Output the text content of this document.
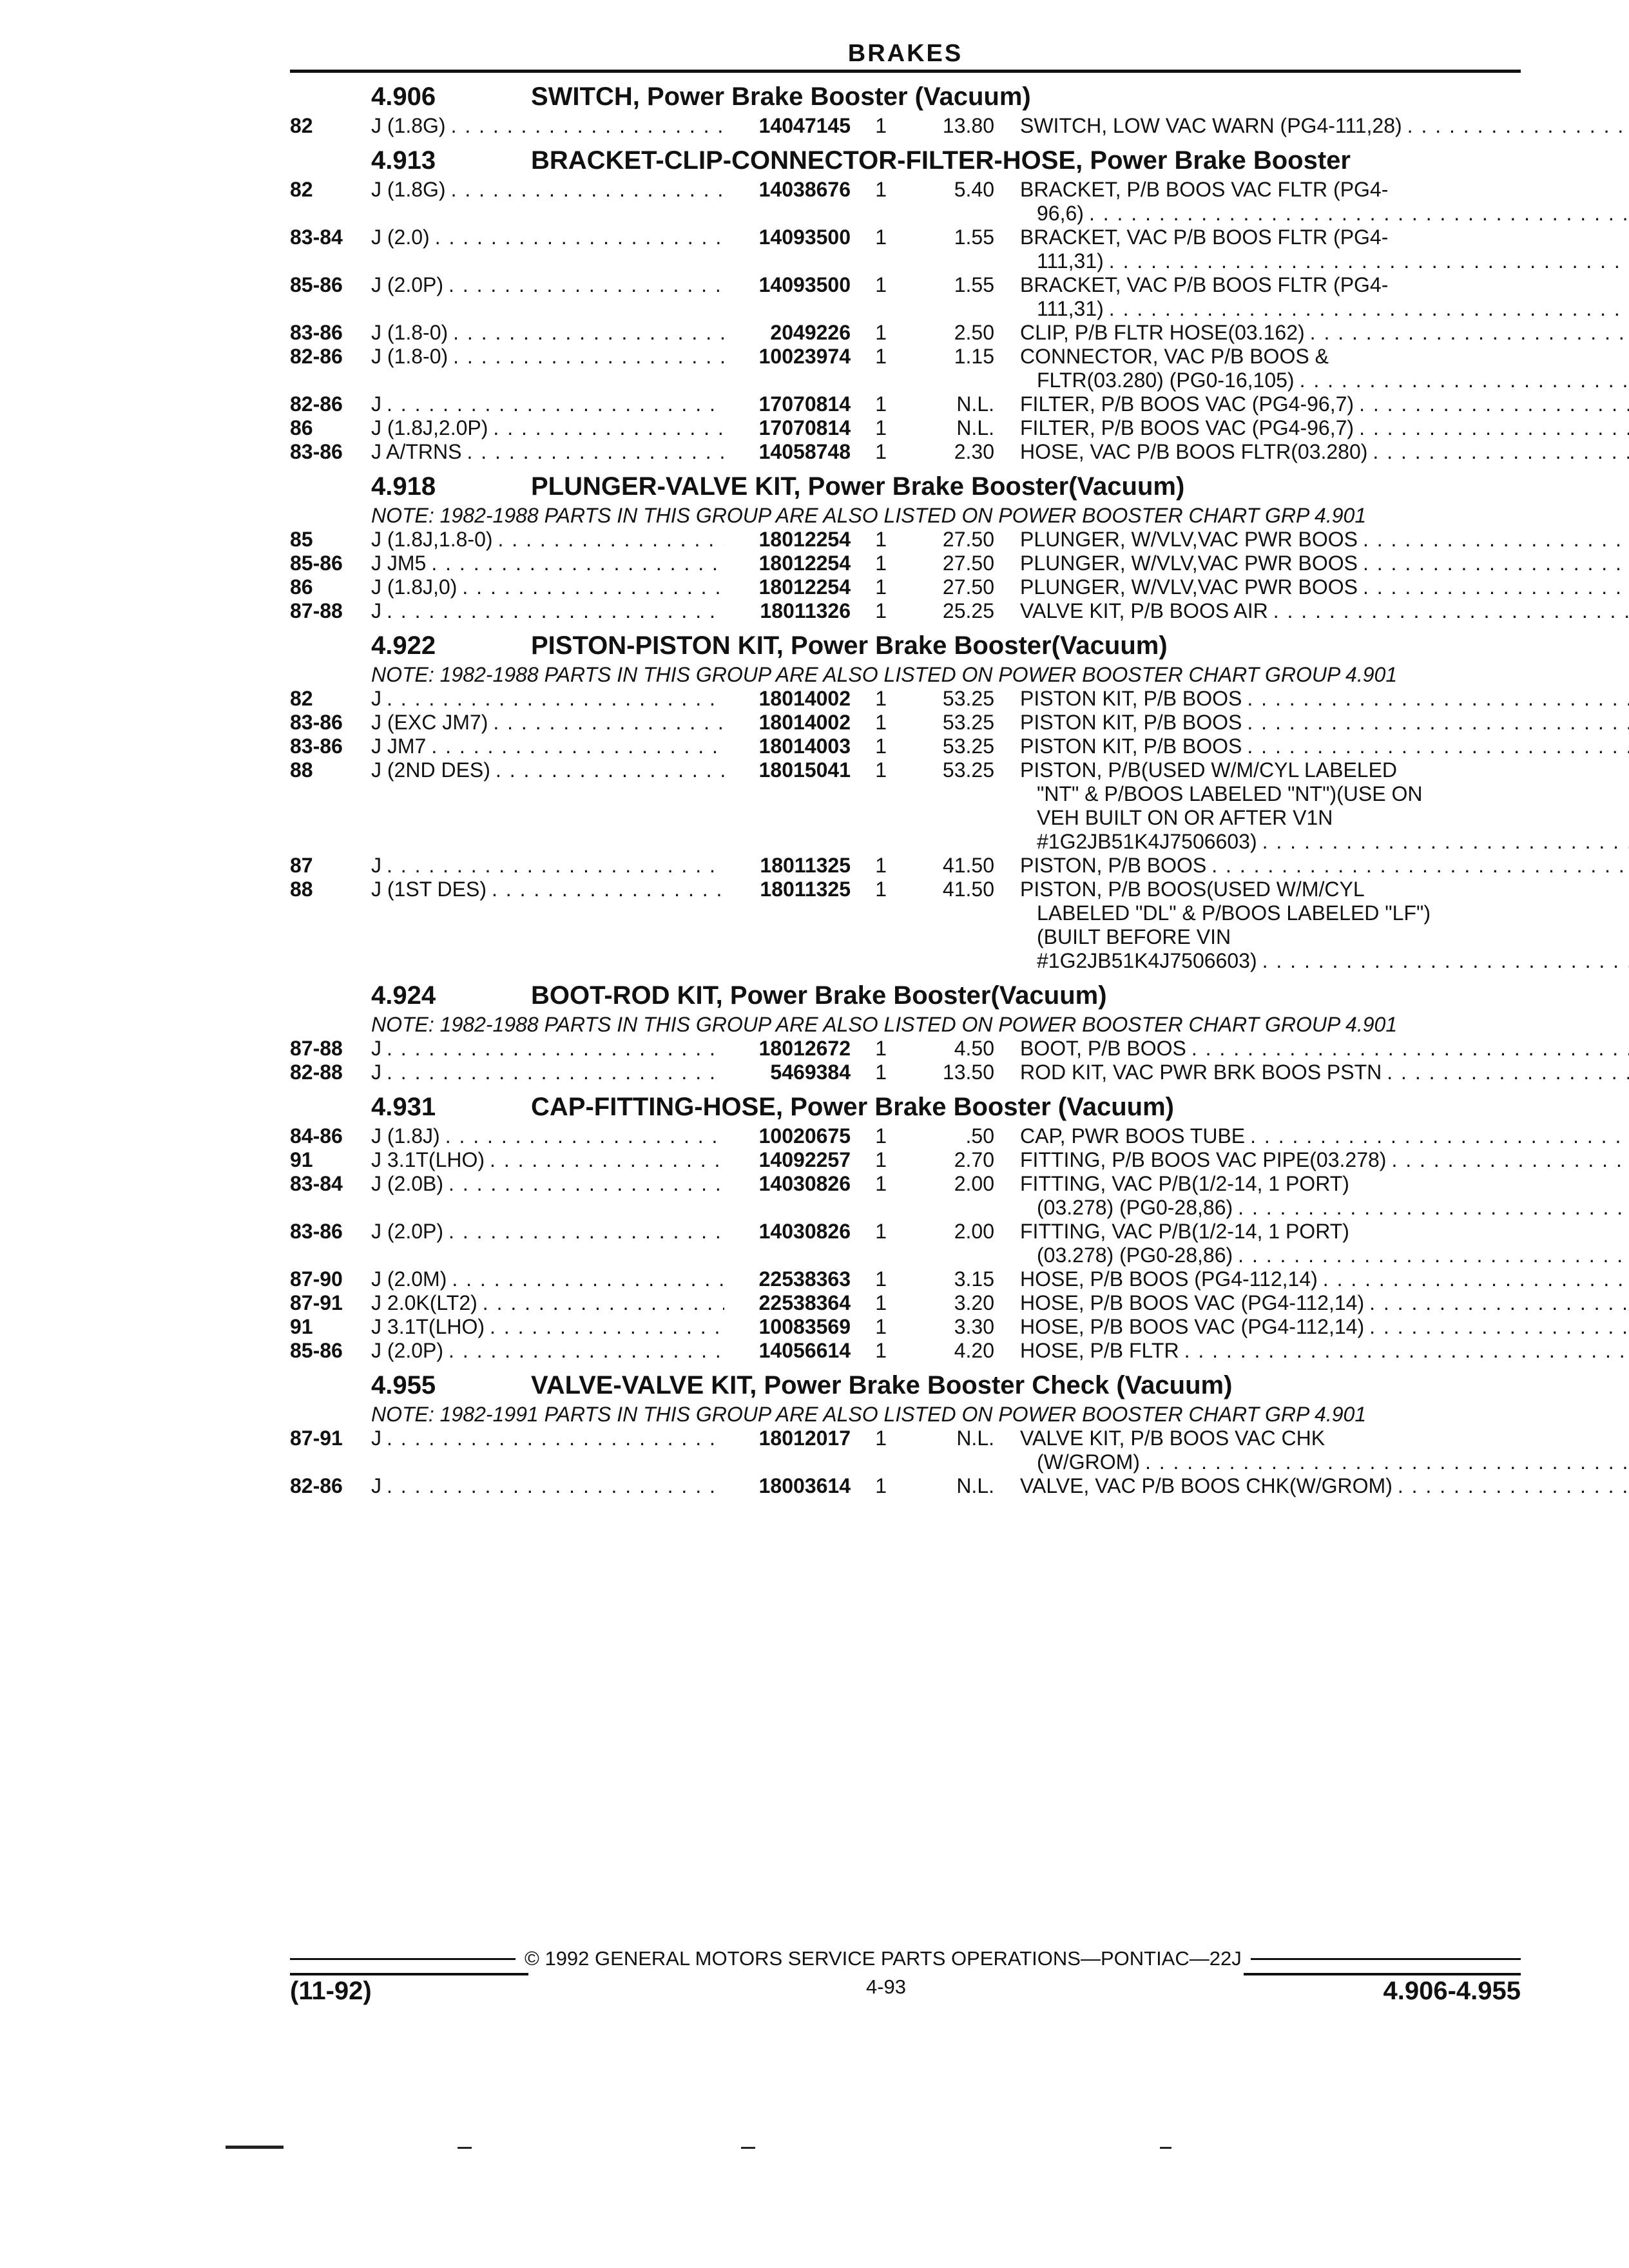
BRAKES
4.906	SWITCH, Power Brake Booster (Vacuum)
82	J (1.8G) . . .	14047145	1	13.80 SWITCH, LOW VAC WARN (PG4-111,28)
. . .
4.913	BRACKET-CLIP-CONNECTOR-FILTER-HOSE, Power Brake Booster
82	J (1.8G) . . .	14038676	1	5.40 BRACKET, P/B BOOS VAC FLTR (PG4-
96,6)
. . .
83-84	J (2.0) . . .	14093500	1	1.55 BRACKET, VAC P/B BOOS FLTR (PG4-
111,31)
. . .
85-86	J (2.0P) . . .	14093500	1	1.55 BRACKET, VAC P/B BOOS FLTR (PG4-
111,31)
. . .
83-86	J (1.8-0) . . .	2049226	1	2.50 CLIP, P/B FLTR HOSE(03.162)
. . .
82-86	J (1.8-0) . . .	10023974	1	1.15 CONNECTOR, VAC P/B BOOS &
FLTR(03.280) (PG0-16,105)
. . .
82-86	J . . .	17070814	1	N.L. FILTER, P/B BOOS VAC (PG4-96,7)
. . .
86	J (1.8J,2.0P) . . .	17070814	1	N.L. FILTER, P/B BOOS VAC (PG4-96,7)
. . .
83-86	J A/TRNS . . .	14058748	1	2.30 HOSE, VAC P/B BOOS FLTR(03.280)
. . .
4.918	PLUNGER-VALVE KIT, Power Brake Booster(Vacuum)
NOTE: 1982-1988 PARTS IN THIS GROUP ARE ALSO LISTED ON POWER BOOSTER CHART GRP 4.901
85	J (1.8J,1.8-0) . . .	18012254	1	27.50 PLUNGER, W/VLV,VAC PWR BOOS
. . .
85-86	J JM5 . . .	18012254	1	27.50 PLUNGER, W/VLV,VAC PWR BOOS
. . .
86	J (1.8J,0) . . .	18012254	1	27.50 PLUNGER, W/VLV,VAC PWR BOOS
. . .
87-88	J . . .	18011326	1	25.25 VALVE KIT, P/B BOOS AIR
. . .
4.922	PISTON-PISTON KIT, Power Brake Booster(Vacuum)
NOTE: 1982-1988 PARTS IN THIS GROUP ARE ALSO LISTED ON POWER BOOSTER CHART GROUP 4.901
82	J . . .	18014002	1	53.25 PISTON KIT, P/B BOOS
. . .
83-86	J (EXC JM7) . . .	18014002	1	53.25 PISTON KIT, P/B BOOS
. . .
83-86	J JM7 . . .	18014003	1	53.25 PISTON KIT, P/B BOOS
. . .
88	J (2ND DES) . . .	18015041	1	53.25 PISTON, P/B(USED W/M/CYL LABELED
"NT" & P/BOOS LABELED "NT")(USE ON
VEH BUILT ON OR AFTER V1N
#1G2JB51K4J7506603)
. . .
87	J . . .	18011325	1	41.50 PISTON, P/B BOOS
. . .
88	J (1ST DES) . . .	18011325	1	41.50 PISTON, P/B BOOS(USED W/M/CYL
LABELED "DL" & P/BOOS LABELED "LF")
(BUILT BEFORE VIN
#1G2JB51K4J7506603)
. . .
4.924	BOOT-ROD KIT, Power Brake Booster(Vacuum)
NOTE: 1982-1988 PARTS IN THIS GROUP ARE ALSO LISTED ON POWER BOOSTER CHART GROUP 4.901
87-88	J . . .	18012672	1	4.50 BOOT, P/B BOOS
. . .
82-88	J . . .	5469384	1	13.50 ROD KIT, VAC PWR BRK BOOS PSTN
. . .
4.931	CAP-FITTING-HOSE, Power Brake Booster (Vacuum)
84-86	J (1.8J) . . .	10020675	1	.50 CAP, PWR BOOS TUBE
. . .
91	J 3.1T(LHO) . . .	14092257	1	2.70 FITTING, P/B BOOS VAC PIPE(03.278)
. . .
83-84	J (2.0B) . . .	14030826	1	2.00 FITTING, VAC P/B(1/2-14, 1 PORT)
(03.278) (PG0-28,86)
. . .
83-86	J (2.0P) . . .	14030826	1	2.00 FITTING, VAC P/B(1/2-14, 1 PORT)
(03.278) (PG0-28,86)
. . .
87-90	J (2.0M) . . .	22538363	1	3.15 HOSE, P/B BOOS (PG4-112,14)
. . .
87-91	J 2.0K(LT2) . . .	22538364	1	3.20 HOSE, P/B BOOS VAC (PG4-112,14)
. . .
91	J 3.1T(LHO) . . .	10083569	1	3.30 HOSE, P/B BOOS VAC (PG4-112,14)
. . .
85-86	J (2.0P) . . .	14056614	1	4.20 HOSE, P/B FLTR
. . .
4.955	VALVE-VALVE KIT, Power Brake Booster Check (Vacuum)
NOTE: 1982-1991 PARTS IN THIS GROUP ARE ALSO LISTED ON POWER BOOSTER CHART GRP 4.901
87-91	J . . .	18012017	1	N.L. VALVE KIT, P/B BOOS VAC CHK
(W/GROM)
. . .
82-86	J . . .	18003614	1	N.L. VALVE, VAC P/B BOOS CHK(W/GROM)
. . .
© 1992 GENERAL MOTORS SERVICE PARTS OPERATIONS—PONTIAC—22J
(11-92)	4-93	4.906-4.955
